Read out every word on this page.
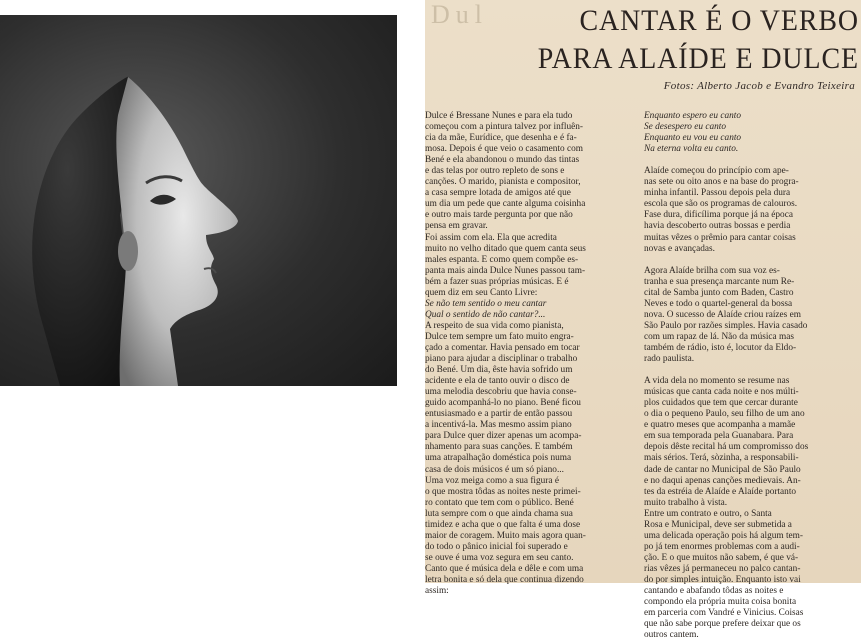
Dul	CANTAR É O VERBO
PARA ALAÍDE E DULCE
Fotos: Alberto Jacob e Evandro Teixeira
Dulce é Bressane Nunes e para ela tudo
começou com a pintura talvez por influên-
cia da mãe, Eurídice, que desenha e é fa-
mosa. Depois é que veio o casamento com
Bené e ela abandonou o mundo das tintas
e das telas por outro repleto de sons e
canções. O marido, pianista e compositor,
a casa sempre lotada de amigos até que
um dia um pede que cante alguma coisinha
e outro mais tarde pergunta por que não
pensa em gravar.
Foi assim com ela. Ela que acredita
muito no velho ditado que quem canta seus
males espanta. E como quem compõe es-
panta mais ainda Dulce Nunes passou tam-
bém a fazer suas próprias músicas. E é
quem diz em seu Canto Livre:
Se não tem sentido o meu cantar
Qual o sentido de não cantar?...
A respeito de sua vida como pianista,
Dulce tem sempre um fato muito engra-
çado a comentar. Havia pensado em tocar
piano para ajudar a disciplinar o trabalho
do Bené. Um dia, êste havia sofrido um
acidente e ela de tanto ouvir o disco de
uma melodia descobriu que havia conse-
guido acompanhá-lo no piano. Bené ficou
entusiasmado e a partir de então passou
a incentivá-la. Mas mesmo assim piano
para Dulce quer dizer apenas um acompa-
nhamento para suas canções. E também
uma atrapalhação doméstica pois numa
casa de dois músicos é um só piano...
Uma voz meiga como a sua figura é
o que mostra tôdas as noites neste primei-
ro contato que tem com o público. Bené
luta sempre com o que ainda chama sua
timidez e acha que o que falta é uma dose
maior de coragem. Muito mais agora quan-
do todo o pânico inicial foi superado e
se ouve é uma voz segura em seu canto.
Canto que é música dela e dêle e com uma
letra bonita e só dela que continua dizendo
assim:
Enquanto espero eu canto
Se desespero eu canto
Enquanto eu vou eu canto
Na eterna volta eu canto.

Alaíde começou do princípio com ape-
nas sete ou oito anos e na base do progra-
minha infantil. Passou depois pela dura
escola que são os programas de calouros.
Fase dura, dificílima porque já na época
havia descoberto outras bossas e perdia
muitas vêzes o prêmio para cantar coisas
novas e avançadas.

Agora Alaíde brilha com sua voz es-
tranha e sua presença marcante num Re-
cital de Samba junto com Baden, Castro
Neves e todo o quartel-general da bossa
nova. O sucesso de Alaíde criou raízes em
São Paulo por razões simples. Havia casado
com um rapaz de lá. Não da música mas
também de rádio, isto é, locutor da Eldo-
rado paulista.

A vida dela no momento se resume nas
músicas que canta cada noite e nos múlti-
plos cuidados que tem que cercar durante
o dia o pequeno Paulo, seu filho de um ano
e quatro meses que acompanha a mamãe
em sua temporada pela Guanabara. Para
depois dêste recital há um compromisso dos
mais sérios. Terá, sòzinha, a responsabili-
dade de cantar no Municipal de São Paulo
e no daqui apenas canções medievais. An-
tes da estréia de Alaíde e Alaíde portanto
muito trabalho à vista.
Entre um contrato e outro, o Santa
Rosa e Municipal, deve ser submetida a
uma delicada operação pois há algum tem-
po já tem enormes problemas com a audi-
ção. E o que muitos não sabem, é que vá-
rias vêzes já permaneceu no palco cantan-
do por simples intuição. Enquanto isto vai
cantando e abafando tôdas as noites e
compondo ela própria muita coisa bonita
em parceria com Vandré e Vinicius. Coisas
que não sabe porque prefere deixar que os
outros cantem.
